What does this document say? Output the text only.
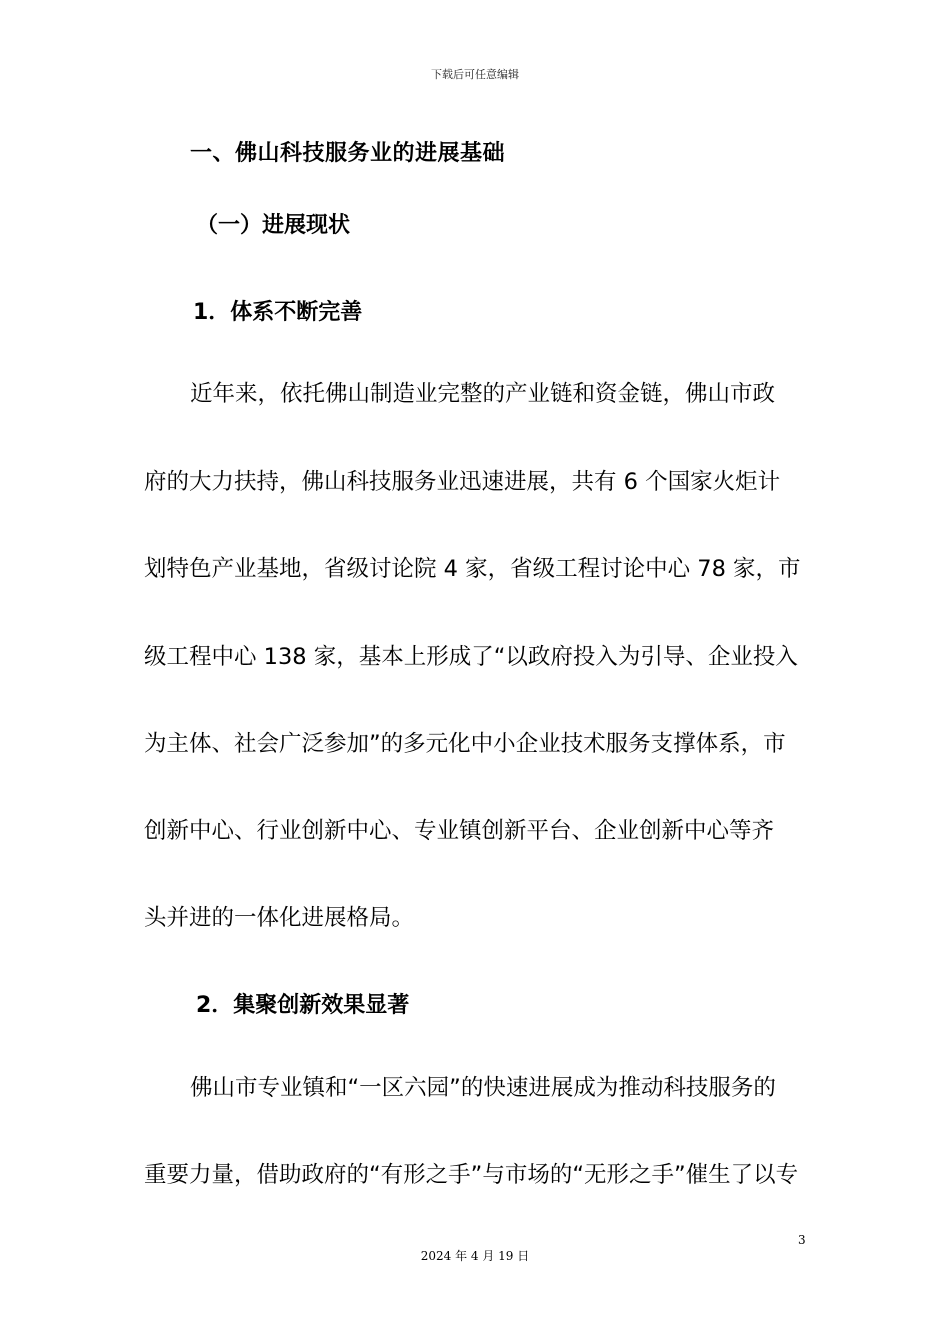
下载后可任意编辑
一、佛山科技服务业的进展基础
（一）进展现状
1．体系不断完善
近年来，依托佛山制造业完整的产业链和资金链，佛山市政
府的大力扶持，佛山科技服务业迅速进展，共有 6 个国家火炬计
划特色产业基地，省级讨论院 4 家，省级工程讨论中心 78 家，市
级工程中心 138 家，基本上形成了“以政府投入为引导、企业投入
为主体、社会广泛参加”的多元化中小企业技术服务支撑体系，市
创新中心、行业创新中心、专业镇创新平台、企业创新中心等齐
头并进的一体化进展格局。
2．集聚创新效果显著
佛山市专业镇和“一区六园”的快速进展成为推动科技服务的
重要力量，借助政府的“有形之手”与市场的“无形之手”催生了以专
3
2024 年 4 月 19 日
